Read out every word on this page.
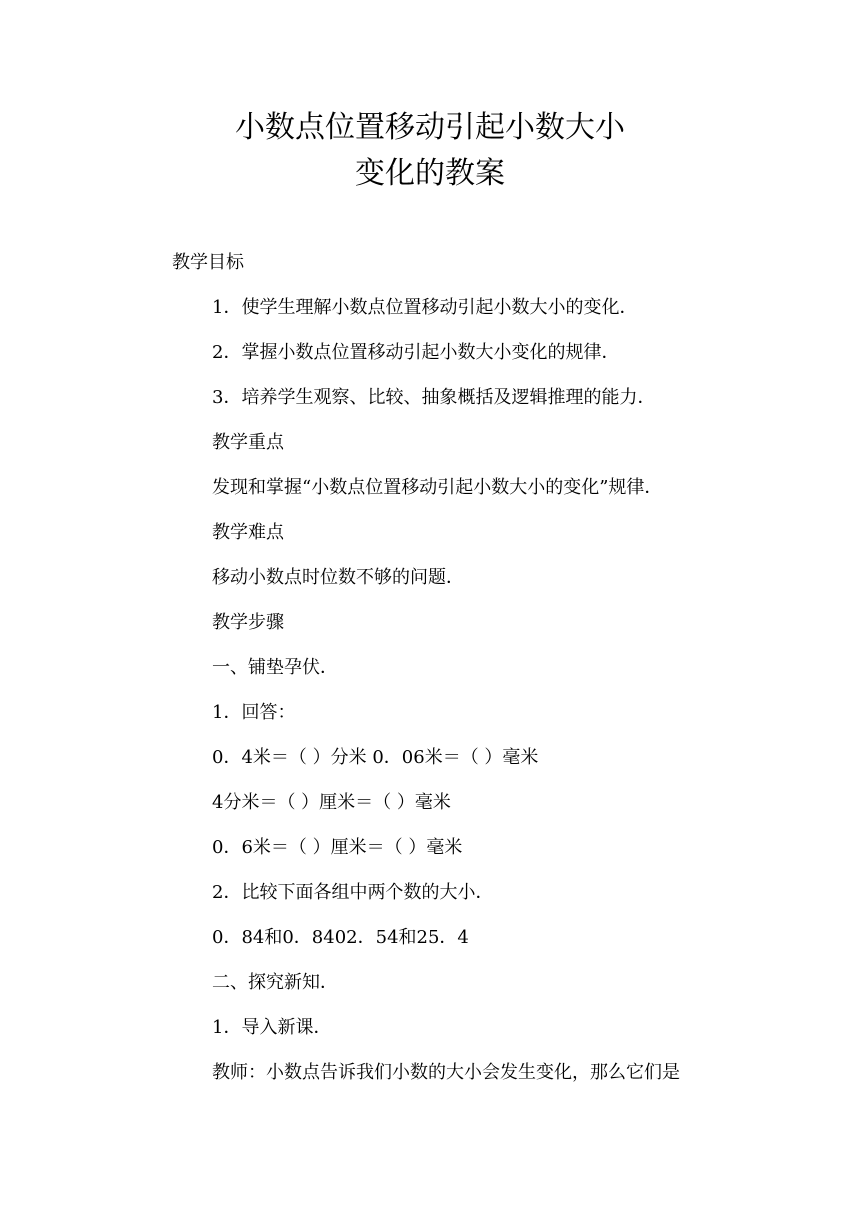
小数点位置移动引起小数大小
变化的教案
教学目标
1．使学生理解小数点位置移动引起小数大小的变化．
2．掌握小数点位置移动引起小数大小变化的规律．
3．培养学生观察、比较、抽象概括及逻辑推理的能力．
教学重点
发现和掌握“小数点位置移动引起小数大小的变化”规律．
教学难点
移动小数点时位数不够的问题．
教学步骤
一、铺垫孕伏．
1．回答：
0．4米＝（ ）分米 0．06米＝（ ）毫米
4分米＝（ ）厘米＝（ ）毫米
0．6米＝（ ）厘米＝（ ）毫米
2．比较下面各组中两个数的大小．
0．84和0．8402．54和25．4
二、探究新知．
1．导入新课．
教师：小数点告诉我们小数的大小会发生变化，那么它们是
